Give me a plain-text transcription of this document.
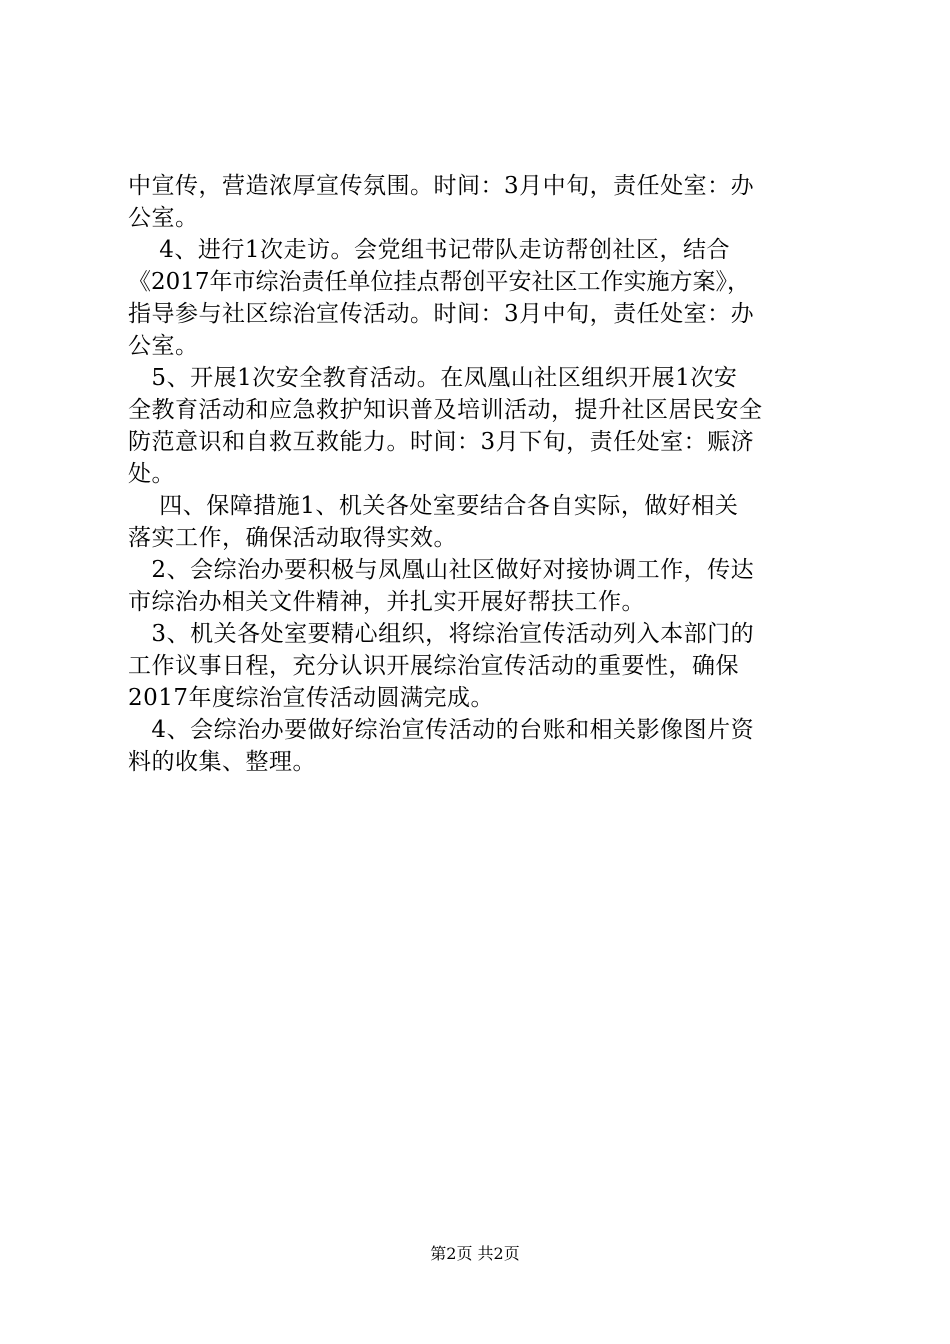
中宣传，营造浓厚宣传氛围。时间：3月中旬，责任处室：办
公室。
4、进行1次走访。会党组书记带队走访帮创社区，结合
《2017年市综治责任单位挂点帮创平安社区工作实施方案》，
指导参与社区综治宣传活动。时间：3月中旬，责任处室：办
公室。
5、开展1次安全教育活动。在凤凰山社区组织开展1次安
全教育活动和应急救护知识普及培训活动，提升社区居民安全
防范意识和自救互救能力。时间：3月下旬，责任处室：赈济
处。
四、保障措施1、机关各处室要结合各自实际，做好相关
落实工作，确保活动取得实效。
2、会综治办要积极与凤凰山社区做好对接协调工作，传达
市综治办相关文件精神，并扎实开展好帮扶工作。
3、机关各处室要精心组织，将综治宣传活动列入本部门的
工作议事日程，充分认识开展综治宣传活动的重要性，确保
2017年度综治宣传活动圆满完成。
4、会综治办要做好综治宣传活动的台账和相关影像图片资
料的收集、整理。
第2页 共2页
